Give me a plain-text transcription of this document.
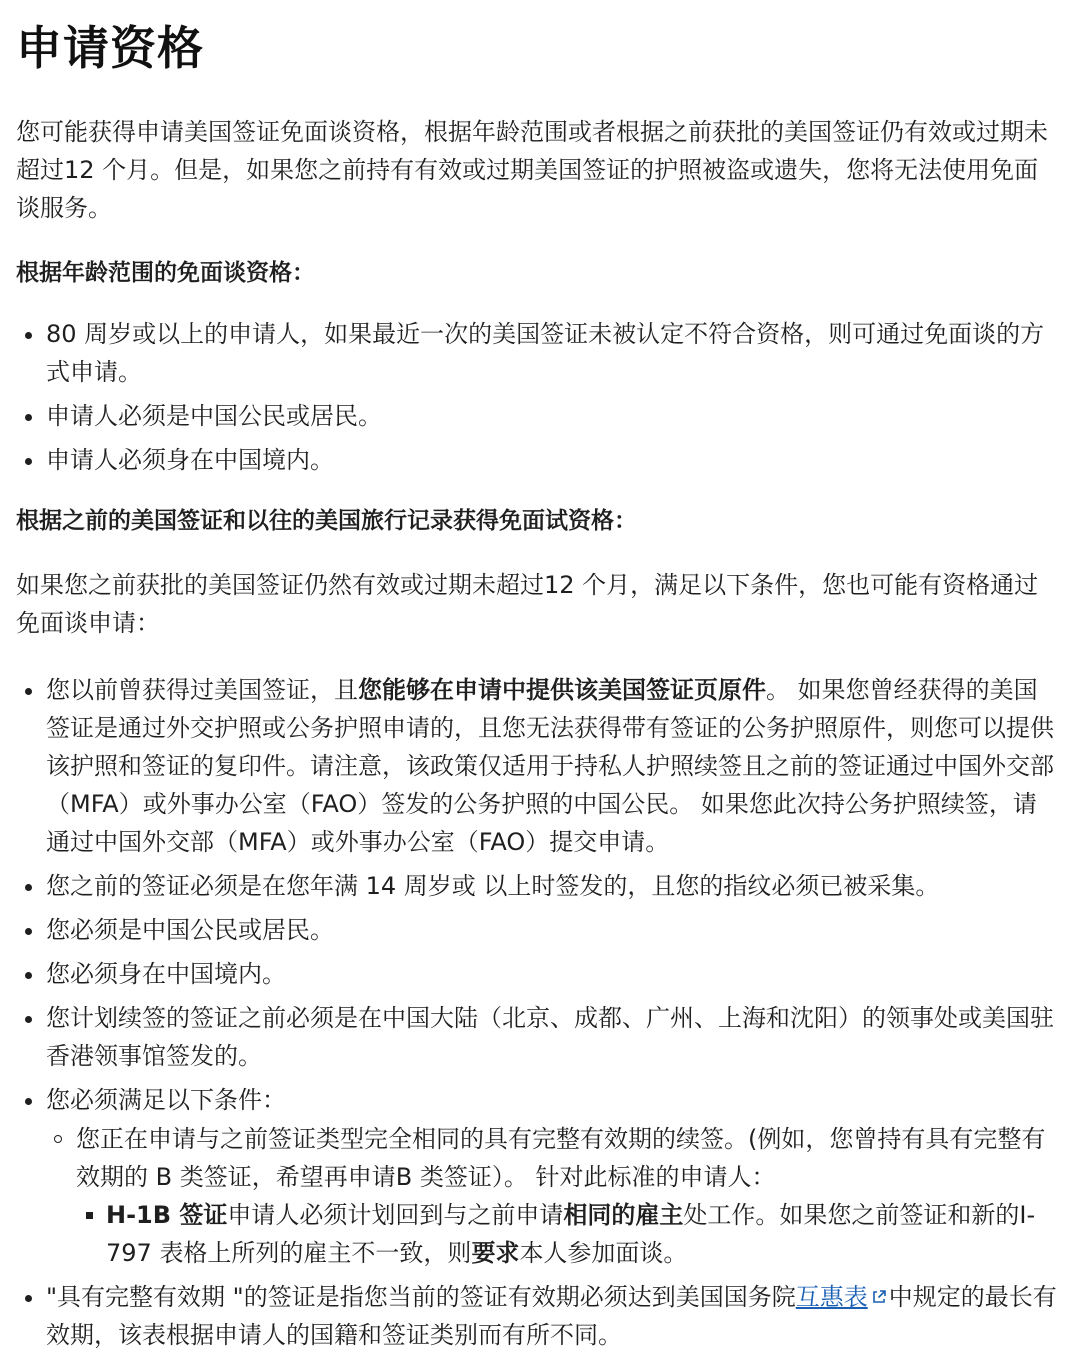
申请资格

您可能获得申请美国签证免面谈资格，根据年龄范围或者根据之前获批的美国签证仍有效或过期未超过12 个月。但是，如果您之前持有有效或过期美国签证的护照被盗或遗失，您将无法使用免面谈服务。

根据年龄范围的免面谈资格：

80 周岁或以上的申请人，如果最近一次的美国签证未被认定不符合资格，则可通过免面谈的方式申请。
申请人必须是中国公民或居民。
申请人必须身在中国境内。

根据之前的美国签证和以往的美国旅行记录获得免面试资格：

如果您之前获批的美国签证仍然有效或过期未超过12 个月，满足以下条件，您也可能有资格通过免面谈申请：

您以前曾获得过美国签证，且您能够在申请中提供该美国签证页原件。 如果您曾经获得的美国签证是通过外交护照或公务护照申请的，且您无法获得带有签证的公务护照原件，则您可以提供该护照和签证的复印件。请注意，该政策仅适用于持私人护照续签且之前的签证通过中国外交部（MFA）或外事办公室（FAO）签发的公务护照的中国公民。 如果您此次持公务护照续签，请通过中国外交部（MFA）或外事办公室（FAO）提交申请。
您之前的签证必须是在您年满 14 周岁或 以上时签发的，且您的指纹必须已被采集。
您必须是中国公民或居民。
您必须身在中国境内。
您计划续签的签证之前必须是在中国大陆（北京、成都、广州、上海和沈阳）的领事处或美国驻香港领事馆签发的。
您必须满足以下条件：
您正在申请与之前签证类型完全相同的具有完整有效期的续签。(例如，您曾持有具有完整有效期的 B 类签证，希望再申请B 类签证）。 针对此标准的申请人：
H-1B 签证申请人必须计划回到与之前申请相同的雇主处工作。如果您之前签证和新的I-797 表格上所列的雇主不一致，则要求本人参加面谈。
"具有完整有效期 "的签证是指您当前的签证有效期必须达到美国国务院互惠表 中规定的最长有效期，该表根据申请人的国籍和签证类别而有所不同。
